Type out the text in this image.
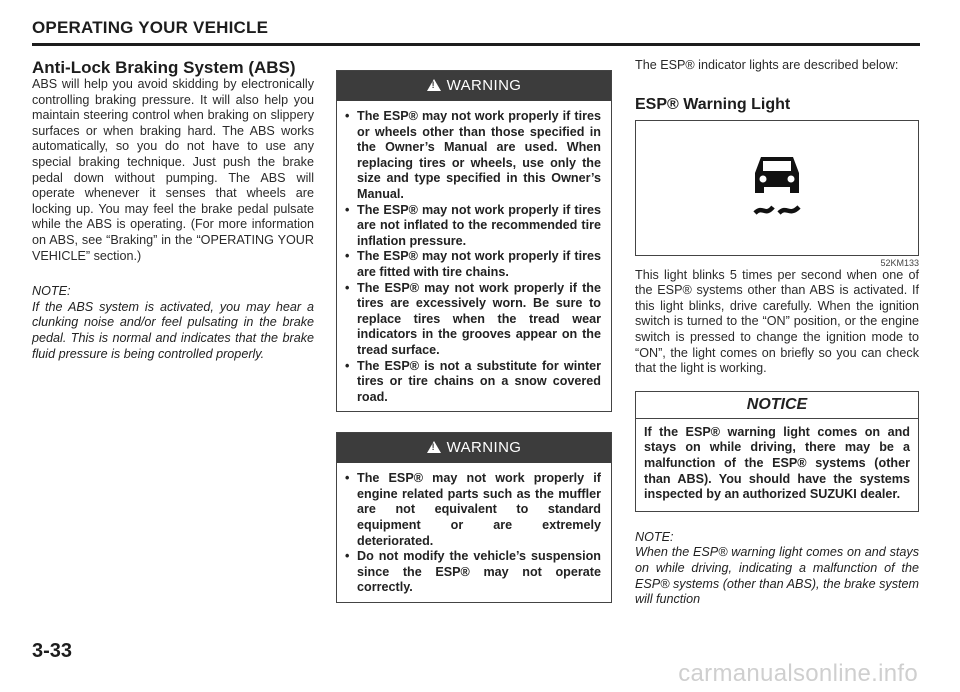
OPERATING YOUR VEHICLE
Anti-Lock Braking System (ABS)

ABS will help you avoid skidding by electronically controlling braking pressure. It will also help you maintain steering control when braking on slippery surfaces or when braking hard. The ABS works automatically, so you do not have to use any special braking technique. Just push the brake pedal down without pumping. The ABS will operate whenever it senses that wheels are locking up. You may feel the brake pedal pulsate while the ABS is operating. (For more information on ABS, see “Braking” in the “OPERATING YOUR VEHICLE” section.)

NOTE:

If the ABS system is activated, you may hear a clunking noise and/or feel pulsating in the brake pedal. This is normal and indicates that the brake fluid pressure is being controlled properly.

!WARNING
• The ESP® may not work properly if tires or wheels other than those specified in the Owner’s Manual are used. When replacing tires or wheels, use only the size and type specified in this Owner’s Manual.
• The ESP® may not work properly if tires are not inflated to the recommended tire inflation pressure.
• The ESP® may not work properly if tires are fitted with tire chains.
• The ESP® may not work properly if the tires are excessively worn. Be sure to replace tires when the tread wear indicators in the grooves appear on the tread surface.
• The ESP® is not a substitute for winter tires or tire chains on a snow covered road.
!WARNING
• The ESP® may not work properly if engine related parts such as the muffler are not equivalent to standard equipment or are extremely deteriorated.
• Do not modify the vehicle’s suspension since the ESP® may not operate correctly.

The ESP® indicator lights are described below:

ESP® Warning Light
52KM133

This light blinks 5 times per second when one of the ESP® systems other than ABS is activated. If this light blinks, drive carefully. When the ignition switch is turned to the “ON” position, or the engine switch is pressed to change the ignition mode to “ON”, the light comes on briefly so you can check that the light is working.

NOTICE

If the ESP® warning light comes on and stays on while driving, there may be a malfunction of the ESP® systems (other than ABS). You should have the systems inspected by an authorized SUZUKI dealer.

NOTE:

When the ESP® warning light comes on and stays on while driving, indicating a malfunction of the ESP® systems (other than ABS), the brake system will function

3-33
carmanualsonline.info
